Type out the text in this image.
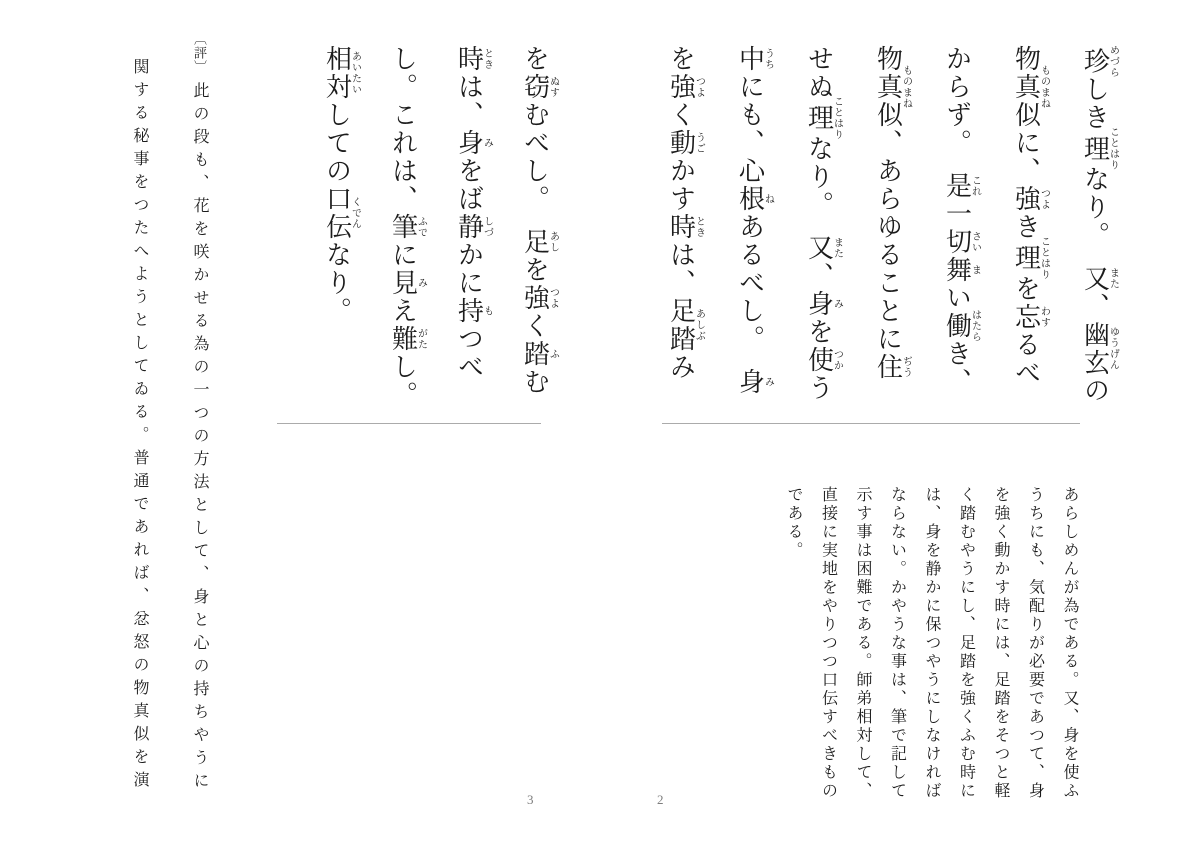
珍めづらしき理ことはりなり。　又また、幽玄ゆうげんの
物真似ものまねに、強つよき理ことはりを忘わするべ
からず。　是これ一切さい舞まい働はたらき、
物真似ものまね、あらゆることに住ぢう
せぬ理ことはりなり。　又また、身みを使つかう
中うちにも、心根ねあるべし。　身み
を強つよく動うごかす時ときは、足踏あしぶみ
あらしめんが為である。又、身を使ふ
うちにも、気配りが必要であつて、身
を強く動かす時には、足踏をそつと軽
く踏むやうにし、足踏を強くふむ時に
は、身を静かに保つやうにしなければ
ならない。かやうな事は、筆で記して
示す事は困難である。師弟相対して、
直接に実地をやりつつ口伝すべきもの
である。
2
を窃ぬすむべし。　足あしを強つよく踏ふむ
時ときは、身みをば静しづかに持もつべ
し。これは、筆ふでに見みえ難がたし。
相対あいたいしての口伝くでんなり。
〔評〕
此の段も、花を咲かせる為の一つの方法として、身と心の持ちやうに
関する秘事をつたへようとしてゐる。普通であれば、忿怒の物真似を演
3
